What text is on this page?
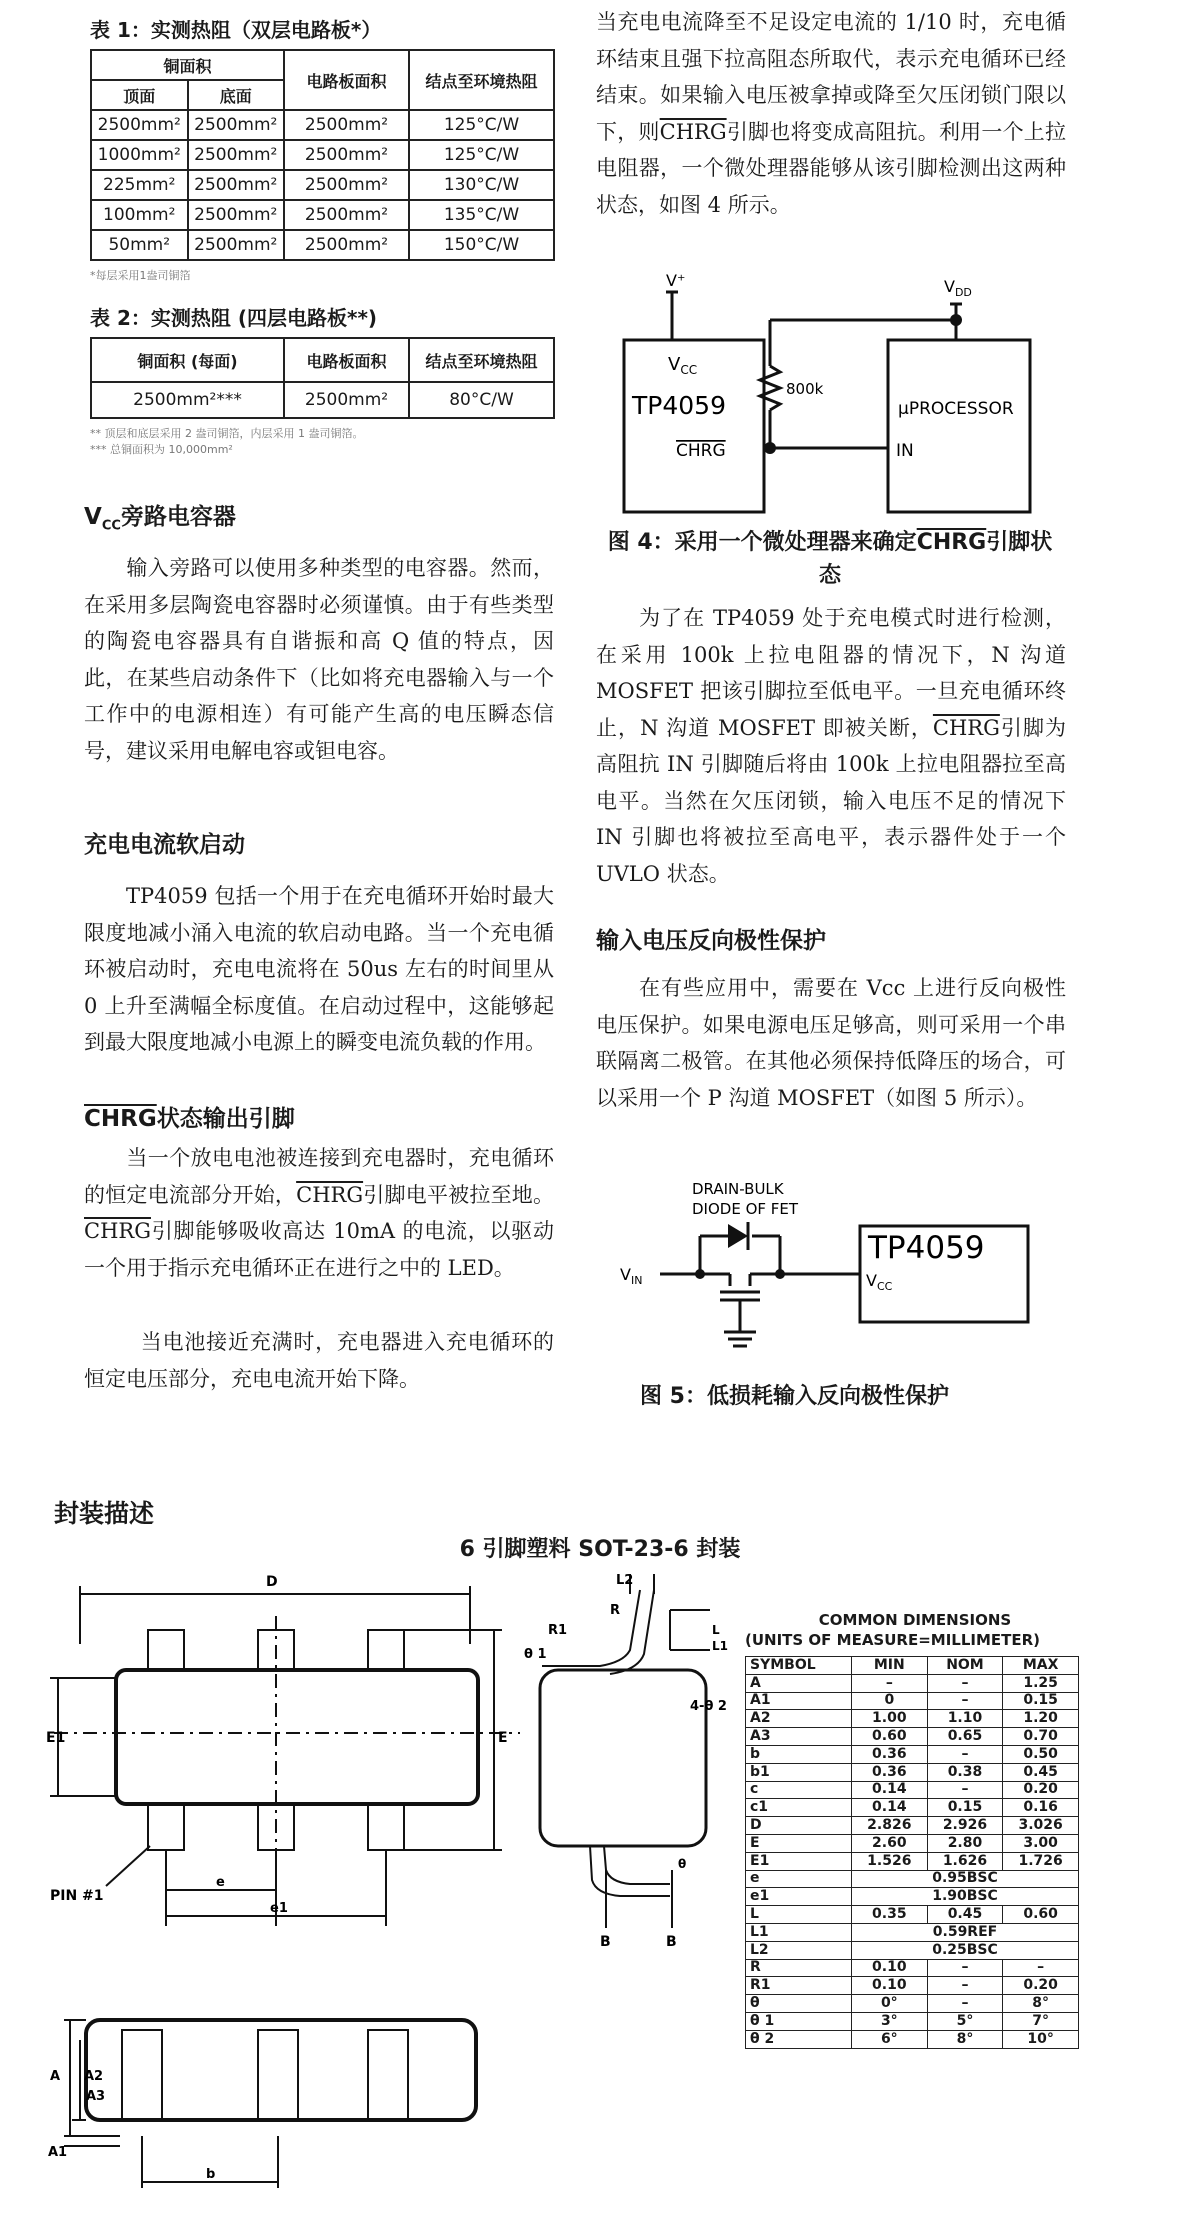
表 1：实测热阻（双层电路板*）
铜面积		电路板面积	结点至环境热阻
顶面	底面		
2500mm²	2500mm²	2500mm²	125°C/W
1000mm²	2500mm²	2500mm²	125°C/W
225mm²	2500mm²	2500mm²	130°C/W
100mm²	2500mm²	2500mm²	135°C/W
50mm²	2500mm²	2500mm²	150°C/W
*每层采用1盎司铜箔
表 2：实测热阻 (四层电路板**)
铜面积 (每面)	电路板面积	结点至环境热阻
2500mm²***	2500mm²	80°C/W
** 顶层和底层采用 2 盎司铜箔，内层采用 1 盎司铜箔。
*** 总铜面积为 10,000mm²
$V_{CC}$旁路电容器

输入旁路可以使用多种类型的电容器。然而，在采用多层陶瓷电容器时必须谨慎。由于有些类型的陶瓷电容器具有自谐振和高 Q 值的特点，因此，在某些启动条件下（比如将充电器输入与一个工作中的电源相连）有可能产生高的电压瞬态信号，建议采用电解电容或钽电容。

充电电流软启动

TP4059 包括一个用于在充电循环开始时最大限度地减小涌入电流的软启动电路。当一个充电循环被启动时，充电电流将在 50us 左右的时间里从 0 上升至满幅全标度值。在启动过程中，这能够起到最大限度地减小电源上的瞬变电流负载的作用。

CHRG状态输出引脚

当一个放电电池被连接到充电器时，充电循环的恒定电流部分开始，CHRG引脚电平被拉至地。CHRG引脚能够吸收高达 10mA 的电流，以驱动一个用于指示充电循环正在进行之中的 LED。

当电池接近充满时，充电器进入充电循环的恒定电压部分，充电电流开始下降。

当充电电流降至不足设定电流的 1/10 时，充电循环结束且强下拉高阻态所取代，表示充电循环已经结束。如果输入电压被拿掉或降至欠压闭锁门限以下，则CHRG引脚也将变成高阻抗。利用一个上拉电阻器，一个微处理器能够从该引脚检测出这两种状态，如图 4 所示。

V⁺	$V_{DD}$
$V_{CC}$
TP4059
CHRG
800k
μPROCESSOR
IN
图 4：采用一个微处理器来确定CHRG引脚状态

为了在 TP4059 处于充电模式时进行检测，在采用 100k 上拉电阻器的情况下，N 沟道 MOSFET 把该引脚拉至低电平。一旦充电循环终止，N 沟道 MOSFET 即被关断，CHRG引脚为高阻抗 IN 引脚随后将由 100k 上拉电阻器拉至高电平。当然在欠压闭锁，输入电压不足的情况下 IN 引脚也将被拉至高电平，表示器件处于一个 UVLO 状态。

输入电压反向极性保护

在有些应用中，需要在 Vcc 上进行反向极性电压保护。如果电源电压足够高，则可采用一个串联隔离二极管。在其他必须保持低降压的场合，可以采用一个 P 沟道 MOSFET（如图 5 所示）。

DRAIN-BULK
DIODE OF FET
$V_{IN}$
TP4059
$V_{CC}$
图 5：低损耗输入反向极性保护
封装描述
6 引脚塑料 SOT-23-6 封装
D
E1	E
PIN #1
e
e1
A A2
A3
A1
b
L2
R
R1
θ 1
L
L1
4-θ 2
θ
B	B
COMMON DIMENSIONS
(UNITS OF MEASURE=MILLIMETER)
SYMBOL	MIN	NOM	MAX
A	–	–	1.25
A1	0	–	0.15
A2	1.00	1.10	1.20
A3	0.60	0.65	0.70
b	0.36	–	0.50
b1	0.36	0.38	0.45
c	0.14	–	0.20
c1	0.14	0.15	0.16
D	2.826	2.926	3.026
E	2.60	2.80	3.00
E1	1.526	1.626	1.726
e	0.95BSC		
e1	1.90BSC		
L	0.35	0.45	0.60
L1	0.59REF		
L2	0.25BSC		
R	0.10	–	–
R1	0.10	–	0.20
θ	0°	–	8°
θ 1	3°	5°	7°
θ 2	6°	8°	10°
